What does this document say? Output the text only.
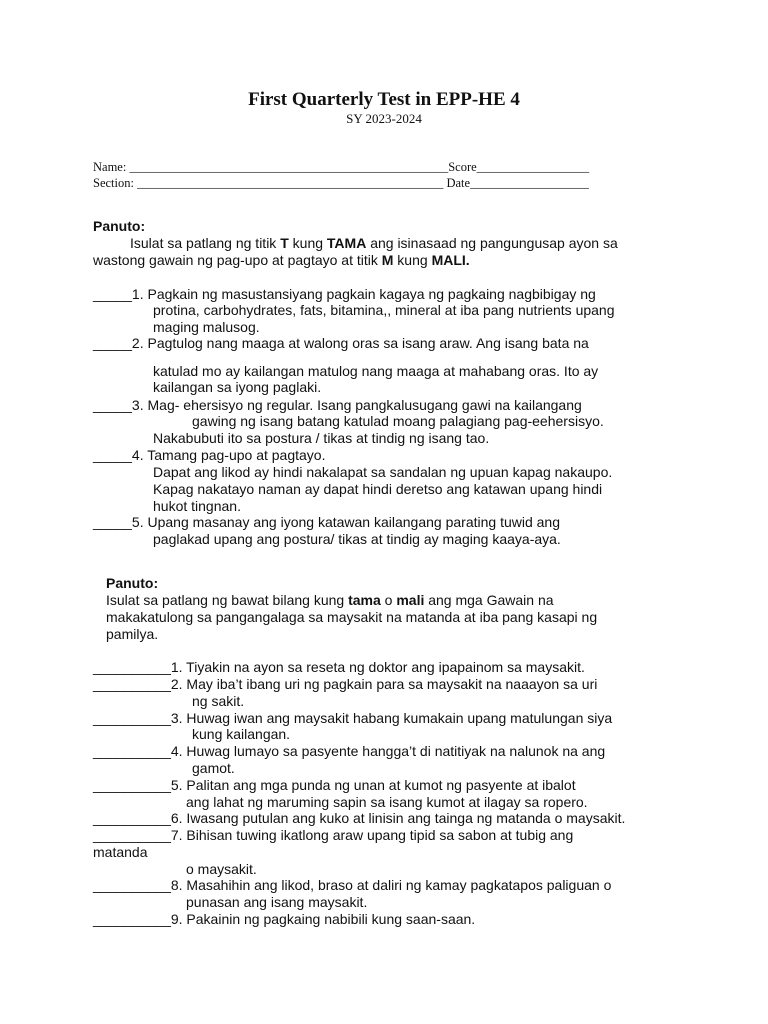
First Quarterly Test in EPP-HE 4
SY 2023-2024
Name: ___________________________________________________Score__________________
Section: _________________________________________________ Date___________________
Panuto:
Isulat sa patlang ng titik T kung TAMA ang isinasaad ng pangungusap ayon sa
wastong gawain ng pag-upo at pagtayo at titik M kung MALI.
_____1. Pagkain ng masustansiyang pagkain kagaya ng pagkaing nagbibigay ng
protina, carbohydrates, fats, bitamina,, mineral at iba pang nutrients upang
maging malusog.
_____2. Pagtulog nang maaga at walong oras sa isang araw. Ang isang bata na
katulad mo ay kailangan matulog nang maaga at mahabang oras. Ito ay
kailangan sa iyong paglaki.
_____3. Mag- ehersisyo ng regular. Isang pangkalusugang gawi na kailangang
gawing ng isang batang katulad moang palagiang pag-eehersisyo.
Nakabubuti ito sa postura / tikas at tindig ng isang tao.
_____4. Tamang pag-upo at pagtayo.
Dapat ang likod ay hindi nakalapat sa sandalan ng upuan kapag nakaupo.
Kapag nakatayo naman ay dapat hindi deretso ang katawan upang hindi
hukot tingnan.
_____5. Upang masanay ang iyong katawan kailangang parating tuwid ang
paglakad upang ang postura/ tikas at tindig ay maging kaaya-aya.
Panuto:
Isulat sa patlang ng bawat bilang kung tama o mali ang mga Gawain na
makakatulong sa pangangalaga sa maysakit na matanda at iba pang kasapi ng
pamilya.
__________1. Tiyakin na ayon sa reseta ng doktor ang ipapainom sa maysakit.
__________2. May iba’t ibang uri ng pagkain para sa maysakit na naaayon sa uri
ng sakit.
__________3. Huwag iwan ang maysakit habang kumakain upang matulungan siya
kung kailangan.
__________4. Huwag lumayo sa pasyente hangga’t di natitiyak na nalunok na ang
gamot.
__________5. Palitan ang mga punda ng unan at kumot ng pasyente at ibalot
ang lahat ng maruming sapin sa isang kumot at ilagay sa ropero.
__________6. Iwasang putulan ang kuko at linisin ang tainga ng matanda o maysakit.
__________7. Bihisan tuwing ikatlong araw upang tipid sa sabon at tubig ang
matanda
o maysakit.
__________8. Masahihin ang likod, braso at daliri ng kamay pagkatapos paliguan o
punasan ang isang maysakit.
__________9. Pakainin ng pagkaing nabibili kung saan-saan.
